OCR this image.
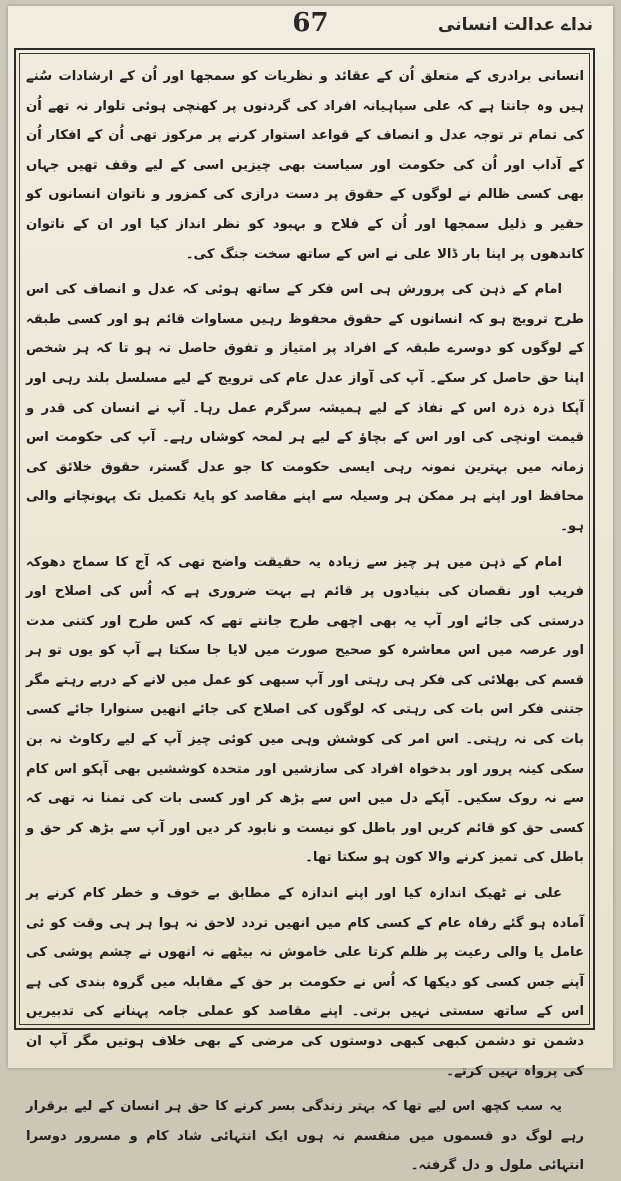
67	نداے عدالت انسانی

انسانی برادری کے متعلق اُن کے عقائد و نظریات کو سمجھا اور اُن کے ارشادات سُنے ہیں وہ جانتا ہے کہ علی سپاہیانہ افراد کی گردنوں پر کھنچی ہوئی تلوار نہ تھے اُن کی تمام تر توجہ عدل و انصاف کے قواعد استوار کرنے پر مرکوز تھی اُن کے افکار اُن کے آداب اور اُن کی حکومت اور سیاست بھی چیزیں اسی کے لیے وقف تھیں جہاں بھی کسی ظالم نے لوگوں کے حقوق پر دست درازی کی کمزور و ناتوان انسانوں کو حقیر و ذلیل سمجھا اور اُن کے فلاح و بہبود کو نظر انداز کیا اور ان کے ناتوان کاندھوں پر اپنا بار ڈالا علی نے اس کے ساتھ سخت جنگ کی۔

امام کے ذہن کی پرورش ہی اس فکر کے ساتھ ہوئی کہ عدل و انصاف کی اس طرح ترویج ہو کہ انسانوں کے حقوق محفوظ رہیں مساوات قائم ہو اور کسی طبقہ کے لوگوں کو دوسرے طبقہ کے افراد پر امتیاز و تفوق حاصل نہ ہو تا کہ ہر شخص اپنا حق حاصل کر سکے۔ آپ کی آواز عدل عام کی ترویج کے لیے مسلسل بلند رہی اور آپکا ذرہ ذرہ اس کے نفاذ کے لیے ہمیشہ سرگرم عمل رہا۔ آپ نے انسان کی قدر و قیمت اونچی کی اور اس کے بچاؤ کے لیے ہر لمحہ کوشاں رہے۔ آپ کی حکومت اس زمانہ میں بہترین نمونہ رہی ایسی حکومت کا جو عدل گستر، حقوق خلائق کی محافظ اور اپنے ہر ممکن ہر وسیلہ سے اپنے مقاصد کو پایۂ تکمیل تک پہونچانے والی ہو۔

امام کے ذہن میں ہر چیز سے زیادہ یہ حقیقت واضح تھی کہ آج کا سماج دھوکہ فریب اور نقصان کی بنیادوں پر قائم ہے بہت ضروری ہے کہ اُس کی اصلاح اور درستی کی جائے اور آپ یہ بھی اچھی طرح جانتے تھے کہ کس طرح اور کتنی مدت اور عرصہ میں اس معاشرہ کو صحیح صورت میں لایا جا سکتا ہے آپ کو یوں تو ہر قسم کی بھلائی کی فکر ہی رہتی اور آپ سبھی کو عمل میں لانے کے درپے رہتے مگر جتنی فکر اس بات کی رہتی کہ لوگوں کی اصلاح کی جائے انھیں سنوارا جائے کسی بات کی نہ رہتی۔ اس امر کی کوشش وہی میں کوئی چیز آپ کے لیے رکاوٹ نہ بن سکی کینہ پرور اور بدخواہ افراد کی سازشیں اور متحدہ کوششیں بھی آپکو اس کام سے نہ روک سکیں۔ آپکے دل میں اس سے بڑھ کر اور کسی بات کی تمنا نہ تھی کہ کسی حق کو قائم کریں اور باطل کو نیست و نابود کر دیں اور آپ سے بڑھ کر حق و باطل کی تمیز کرنے والا کون ہو سکتا تھا۔

علی نے ٹھیک اندازہ کیا اور اپنے اندازہ کے مطابق بے خوف و خطر کام کرنے پر آمادہ ہو گئے رفاہ عام کے کسی کام میں انھیں تردد لاحق نہ ہوا ہر ہی وقت کو ئی عامل یا والی رعیت پر ظلم کرتا علی خاموش نہ بیٹھے نہ انھوں نے چشم پوشی کی آپنے جس کسی کو دیکھا کہ اُس نے حکومت بر حق کے مقابلہ میں گروہ بندی کی ہے اس کے ساتھ سستی نہیں برتی۔ اپنے مقاصد کو عملی جامہ پہنانے کی تدبیریں دشمن تو دشمن کبھی کبھی دوستوں کی مرضی کے بھی خلاف ہوتیں مگر آپ ان کی پرواہ نہیں کرتے۔

یہ سب کچھ اس لیے تھا کہ بہتر زندگی بسر کرنے کا حق ہر انسان کے لیے برقرار رہے لوگ دو قسموں میں منقسم نہ ہوں ایک انتہائی شاد کام و مسرور دوسرا انتہائی ملول و دل گرفتہ۔
